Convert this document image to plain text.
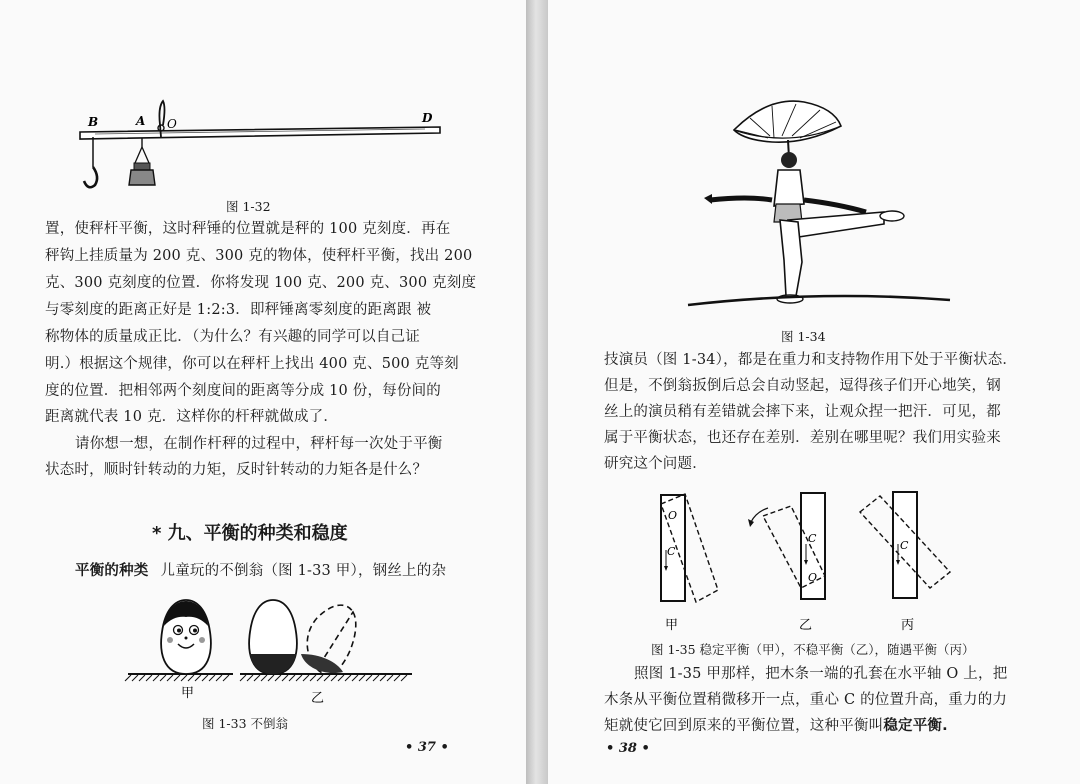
B	A O	D
图 1-32
置，使秤杆平衡，这时秤锤的位置就是秤的 100 克刻度．再在
秤钩上挂质量为 200 克、300 克的物体，使秤杆平衡，找出 200
克、300 克刻度的位置．你将发现 100 克、200 克、300 克刻度
与零刻度的距离正好是 1:2:3．即秤锤离零刻度的距离跟 被
称物体的质量成正比．（为什么？有兴趣的同学可以自己证
明.）根据这个规律，你可以在秤杆上找出 400 克、500 克等刻
度的位置．把相邻两个刻度间的距离等分成 10 份，每份间的
距离就代表 10 克．这样你的杆秤就做成了．
请你想一想，在制作杆秤的过程中，秤杆每一次处于平衡
状态时，顺时针转动的力矩，反时针转动的力矩各是什么？
* 九、平衡的种类和稳度
平衡的种类 儿童玩的不倒翁（图 1-33 甲），钢丝上的杂
甲	乙
图 1-33 不倒翁
• 37 •
图 1-34
技演员（图 1-34），都是在重力和支持物作用下处于平衡状态．
但是，不倒翁扳倒后总会自动竖起，逗得孩子们开心地笑，钢
丝上的演员稍有差错就会摔下来，让观众捏一把汗．可见，都
属于平衡状态，也还存在差别．差别在哪里呢？我们用实验来
研究这个问题．
O
C
甲
C
O
乙
C
丙
图 1-35 稳定平衡（甲），不稳平衡（乙），随遇平衡（丙）
照图 1-35 甲那样，把木条一端的孔套在水平轴 O 上，把
木条从平衡位置稍微移开一点，重心 C 的位置升高，重力的力
矩就使它回到原来的平衡位置，这种平衡叫稳定平衡.
• 38 •
